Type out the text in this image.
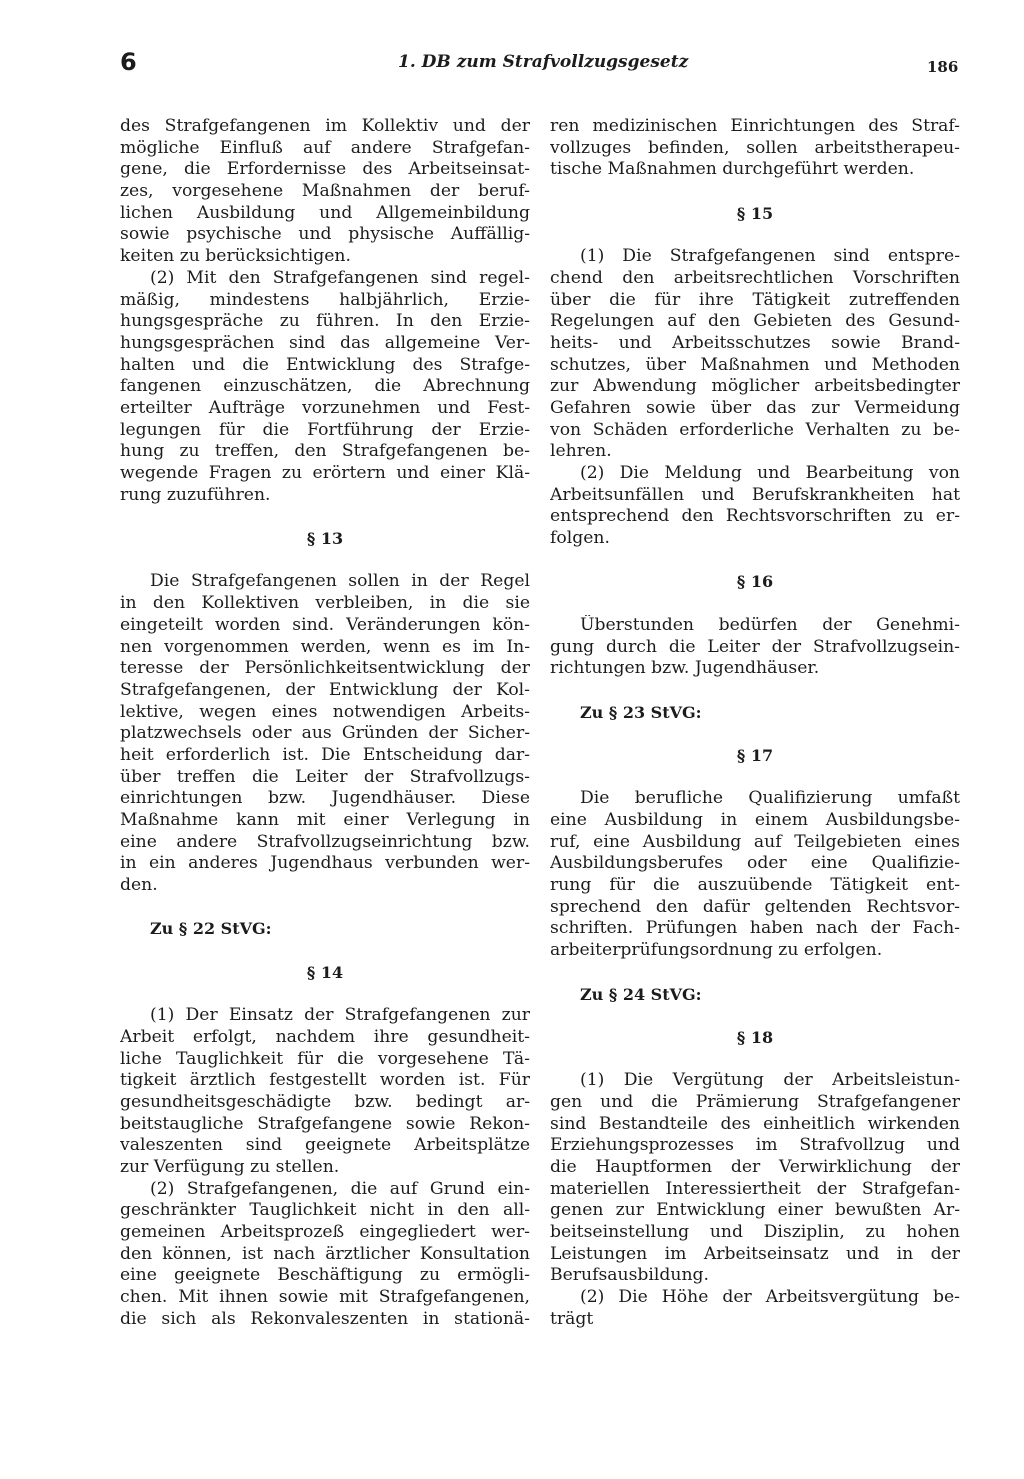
6	1. DB zum Strafvollzugsgesetz	186
des Strafgefangenen im Kollektiv und der
mögliche Einfluß auf andere Strafgefan-
gene, die Erfordernisse des Arbeitseinsat-
zes, vorgesehene Maßnahmen der beruf-
lichen Ausbildung und Allgemeinbildung
sowie psychische und physische Auffällig-
keiten zu berücksichtigen.
(2) Mit den Strafgefangenen sind regel-
mäßig, mindestens halbjährlich, Erzie-
hungsgespräche zu führen. In den Erzie-
hungsgesprächen sind das allgemeine Ver-
halten und die Entwicklung des Strafge-
fangenen einzuschätzen, die Abrechnung
erteilter Aufträge vorzunehmen und Fest-
legungen für die Fortführung der Erzie-
hung zu treffen, den Strafgefangenen be-
wegende Fragen zu erörtern und einer Klä-
rung zuzuführen.
§ 13
Die Strafgefangenen sollen in der Regel
in den Kollektiven verbleiben, in die sie
eingeteilt worden sind. Veränderungen kön-
nen vorgenommen werden, wenn es im In-
teresse der Persönlichkeitsentwicklung der
Strafgefangenen, der Entwicklung der Kol-
lektive, wegen eines notwendigen Arbeits-
platzwechsels oder aus Gründen der Sicher-
heit erforderlich ist. Die Entscheidung dar-
über treffen die Leiter der Strafvollzugs-
einrichtungen bzw. Jugendhäuser. Diese
Maßnahme kann mit einer Verlegung in
eine andere Strafvollzugseinrichtung bzw.
in ein anderes Jugendhaus verbunden wer-
den.
Zu § 22 StVG:
§ 14
(1) Der Einsatz der Strafgefangenen zur
Arbeit erfolgt, nachdem ihre gesundheit-
liche Tauglichkeit für die vorgesehene Tä-
tigkeit ärztlich festgestellt worden ist. Für
gesundheitsgeschädigte bzw. bedingt ar-
beitstaugliche Strafgefangene sowie Rekon-
valeszenten sind geeignete Arbeitsplätze
zur Verfügung zu stellen.
(2) Strafgefangenen, die auf Grund ein-
geschränkter Tauglichkeit nicht in den all-
gemeinen Arbeitsprozeß eingegliedert wer-
den können, ist nach ärztlicher Konsultation
eine geeignete Beschäftigung zu ermögli-
chen. Mit ihnen sowie mit Strafgefangenen,
die sich als Rekonvaleszenten in stationä-
ren medizinischen Einrichtungen des Straf-
vollzuges befinden, sollen arbeitstherapeu-
tische Maßnahmen durchgeführt werden.
§ 15
(1) Die Strafgefangenen sind entspre-
chend den arbeitsrechtlichen Vorschriften
über die für ihre Tätigkeit zutreffenden
Regelungen auf den Gebieten des Gesund-
heits- und Arbeitsschutzes sowie Brand-
schutzes, über Maßnahmen und Methoden
zur Abwendung möglicher arbeitsbedingter
Gefahren sowie über das zur Vermeidung
von Schäden erforderliche Verhalten zu be-
lehren.
(2) Die Meldung und Bearbeitung von
Arbeitsunfällen und Berufskrankheiten hat
entsprechend den Rechtsvorschriften zu er-
folgen.
§ 16
Überstunden bedürfen der Genehmi-
gung durch die Leiter der Strafvollzugsein-
richtungen bzw. Jugendhäuser.
Zu § 23 StVG:
§ 17
Die berufliche Qualifizierung umfaßt
eine Ausbildung in einem Ausbildungsbe-
ruf, eine Ausbildung auf Teilgebieten eines
Ausbildungsberufes oder eine Qualifizie-
rung für die auszuübende Tätigkeit ent-
sprechend den dafür geltenden Rechtsvor-
schriften. Prüfungen haben nach der Fach-
arbeiterprüfungsordnung zu erfolgen.
Zu § 24 StVG:
§ 18
(1) Die Vergütung der Arbeitsleistun-
gen und die Prämierung Strafgefangener
sind Bestandteile des einheitlich wirkenden
Erziehungsprozesses im Strafvollzug und
die Hauptformen der Verwirklichung der
materiellen Interessiertheit der Strafgefan-
genen zur Entwicklung einer bewußten Ar-
beitseinstellung und Disziplin, zu hohen
Leistungen im Arbeitseinsatz und in der
Berufsausbildung.
(2) Die Höhe der Arbeitsvergütung be-
trägt
